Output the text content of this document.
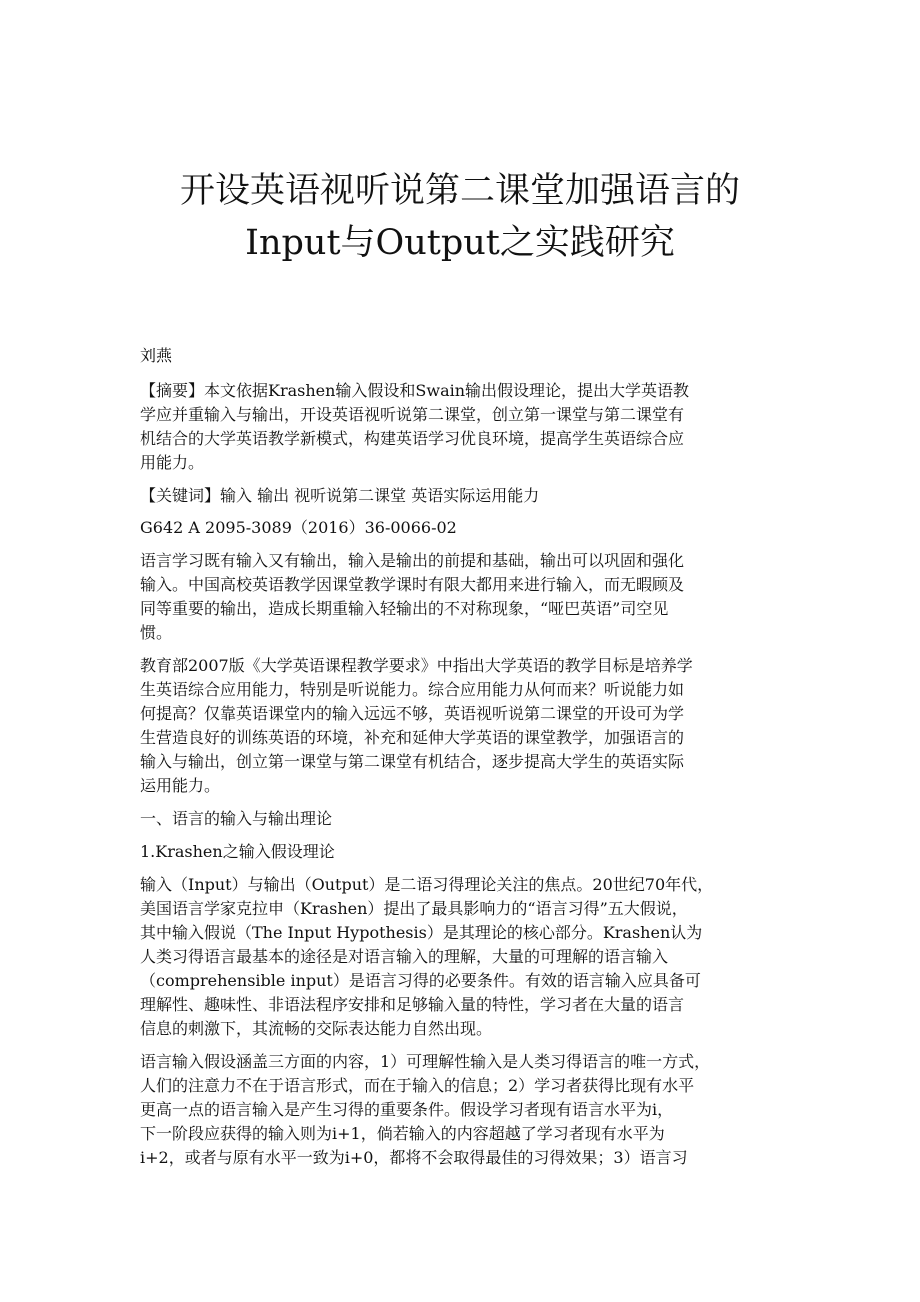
开设英语视听说第二课堂加强语言的
Input与Output之实践研究

刘燕

【摘要】本文依据Krashen输入假设和Swain输出假设理论，提出大学英语教
学应并重输入与输出，开设英语视听说第二课堂，创立第一课堂与第二课堂有
机结合的大学英语教学新模式，构建英语学习优良环境，提高学生英语综合应
用能力。

【关键词】输入 输出 视听说第二课堂 英语实际运用能力

G642 A 2095-3089（2016）36-0066-02

语言学习既有输入又有输出，输入是输出的前提和基础，输出可以巩固和强化
输入。中国高校英语教学因课堂教学课时有限大都用来进行输入，而无暇顾及
同等重要的输出，造成长期重输入轻输出的不对称现象，“哑巴英语”司空见
惯。

教育部2007版《大学英语课程教学要求》中指出大学英语的教学目标是培养学
生英语综合应用能力，特别是听说能力。综合应用能力从何而来？听说能力如
何提高？仅靠英语课堂内的输入远远不够，英语视听说第二课堂的开设可为学
生营造良好的训练英语的环境，补充和延伸大学英语的课堂教学，加强语言的
输入与输出，创立第一课堂与第二课堂有机结合，逐步提高大学生的英语实际
运用能力。

一、语言的输入与输出理论

1.Krashen之输入假设理论

输入（Input）与输出（Output）是二语习得理论关注的焦点。20世纪70年代，
美国语言学家克拉申（Krashen）提出了最具影响力的“语言习得”五大假说，
其中输入假说（The Input Hypothesis）是其理论的核心部分。Krashen认为
人类习得语言最基本的途径是对语言输入的理解，大量的可理解的语言输入
（comprehensible input）是语言习得的必要条件。有效的语言输入应具备可
理解性、趣味性、非语法程序安排和足够输入量的特性，学习者在大量的语言
信息的刺激下，其流畅的交际表达能力自然出现。

语言输入假设涵盖三方面的内容，1）可理解性输入是人类习得语言的唯一方式，
人们的注意力不在于语言形式，而在于输入的信息；2）学习者获得比现有水平
更高一点的语言输入是产生习得的重要条件。假设学习者现有语言水平为i，
下一阶段应获得的输入则为i+1，倘若输入的内容超越了学习者现有水平为
i+2，或者与原有水平一致为i+0，都将不会取得最佳的习得效果；3）语言习
